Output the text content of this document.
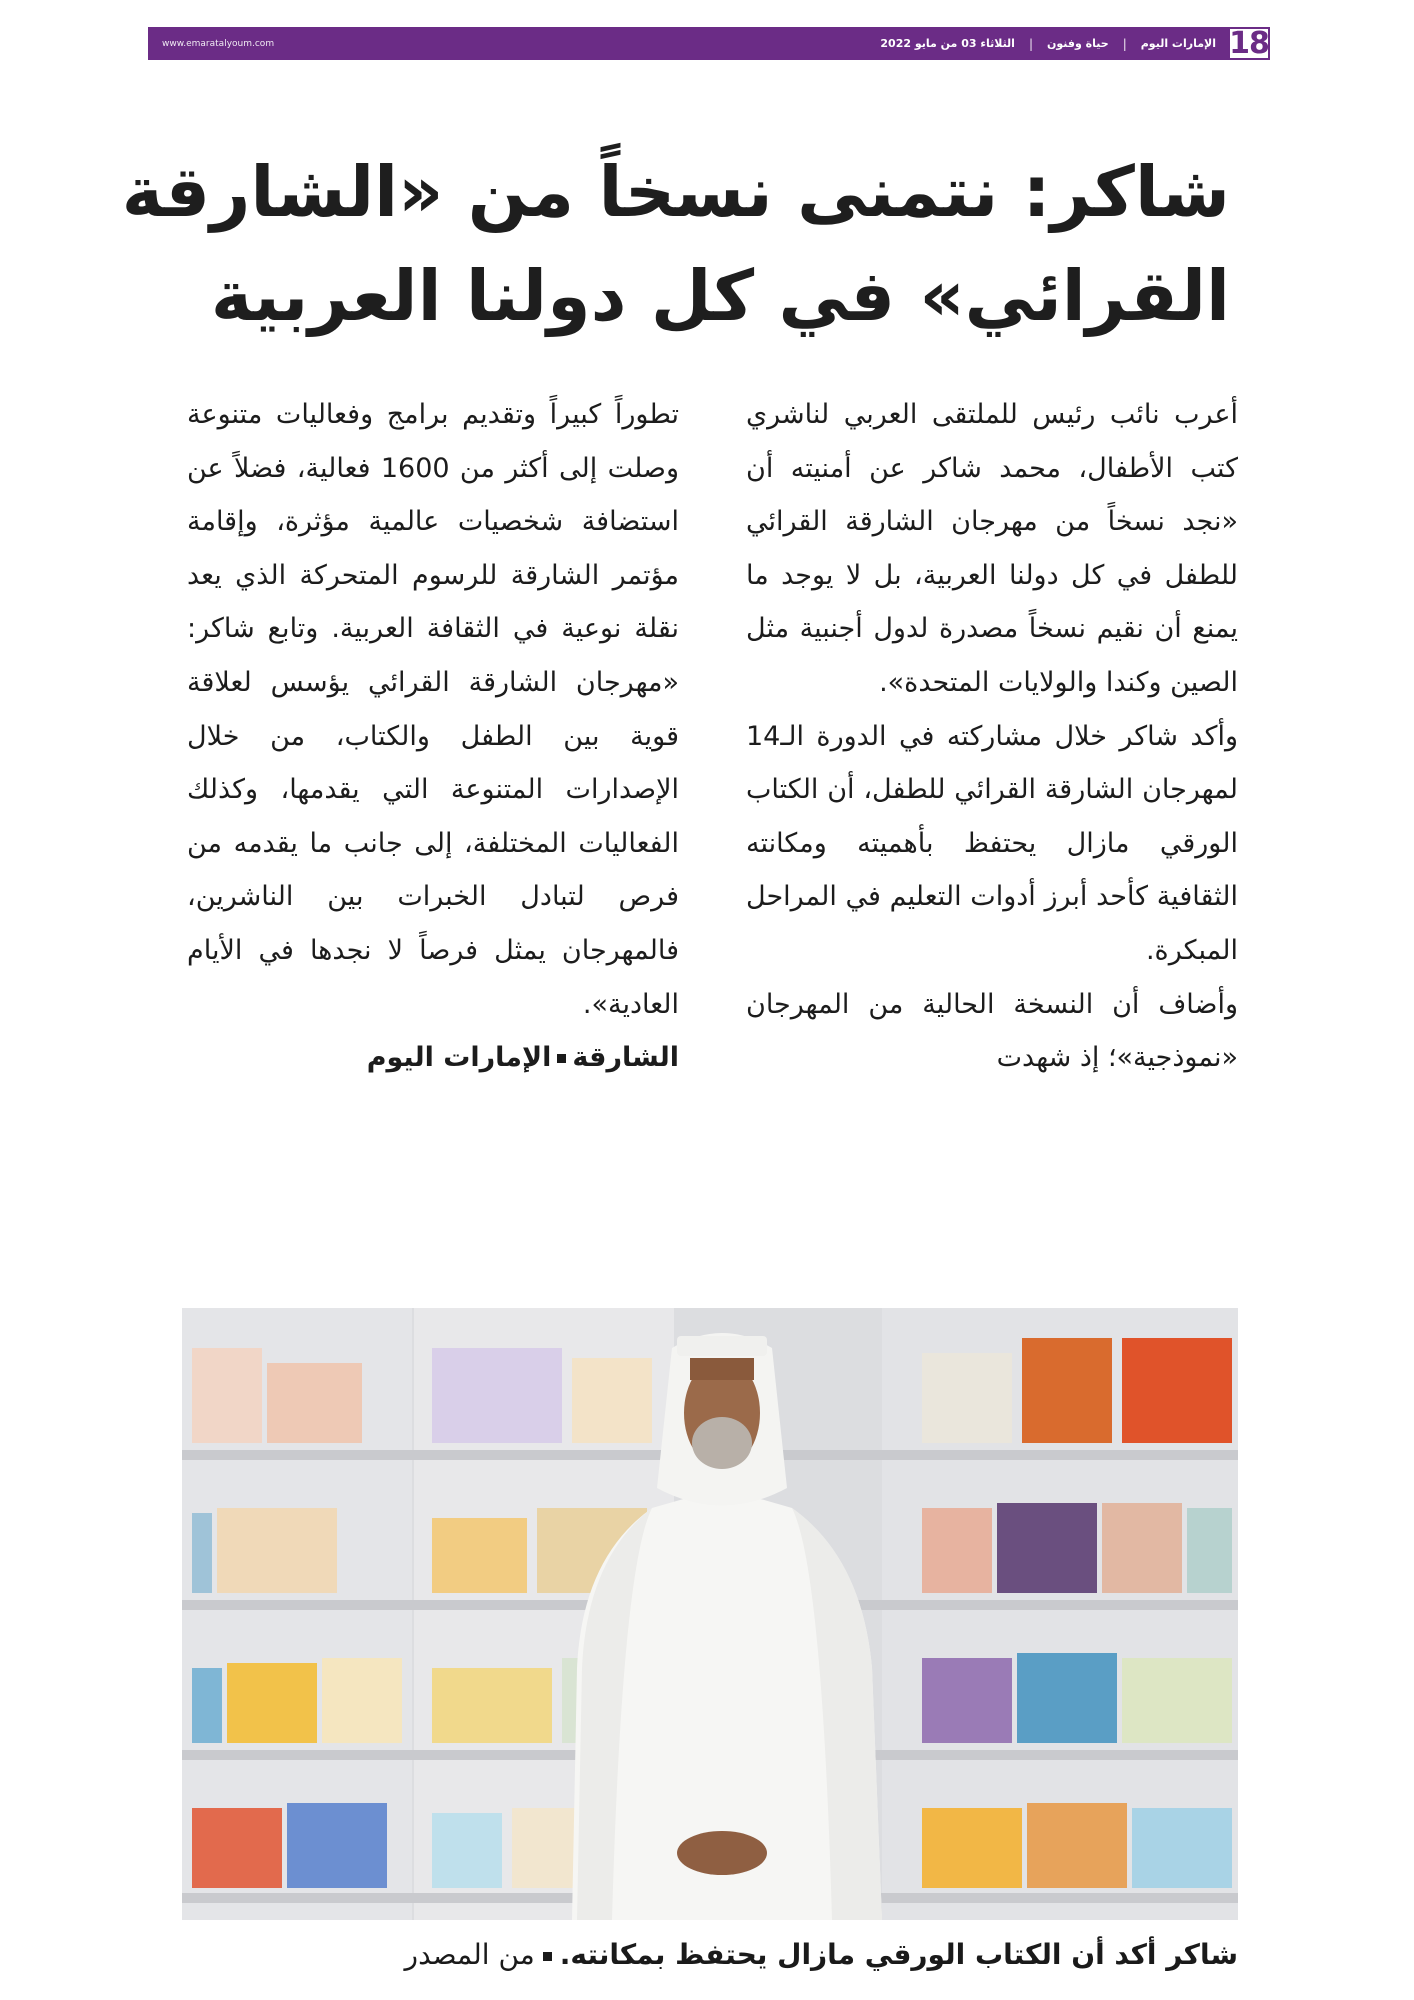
18
الإمارات اليوم
|
حياة وفنون
|
الثلاثاء 03 من مايو 2022
www.emaratalyoum.com
شاكر: نتمنى نسخاً من «الشارقة
القرائي» في كل دولنا العربية

أعرب نائب رئيس للملتقى العربي لناشري كتب الأطفال، محمد شاكر عن أمنيته أن «نجد نسخاً من مهرجان الشارقة القرائي للطفل في كل دولنا العربية، بل لا يوجد ما يمنع أن نقيم نسخاً مصدرة لدول أجنبية مثل الصين وكندا والولايات المتحدة».

وأكد شاكر خلال مشاركته في الدورة الـ14 لمهرجان الشارقة القرائي للطفل، أن الكتاب الورقي مازال يحتفظ بأهميته ومكانته الثقافية كأحد أبرز أدوات التعليم في المراحل المبكرة.

وأضاف أن النسخة الحالية من المهرجان «نموذجية»؛ إذ شهدت

تطوراً كبيراً وتقديم برامج وفعاليات متنوعة وصلت إلى أكثر من 1600 فعالية، فضلاً عن استضافة شخصيات عالمية مؤثرة، وإقامة مؤتمر الشارقة للرسوم المتحركة الذي يعد نقلة نوعية في الثقافة العربية. وتابع شاكر: «مهرجان الشارقة القرائي يؤسس لعلاقة قوية بين الطفل والكتاب، من خلال الإصدارات المتنوعة التي يقدمها، وكذلك الفعاليات المختلفة، إلى جانب ما يقدمه من فرص لتبادل الخبرات بين الناشرين، فالمهرجان يمثل فرصاً لا نجدها في الأيام العادية».

الشارقةالإمارات اليوم

شاكر أكد أن الكتاب الورقي مازال يحتفظ بمكانته.من المصدر
